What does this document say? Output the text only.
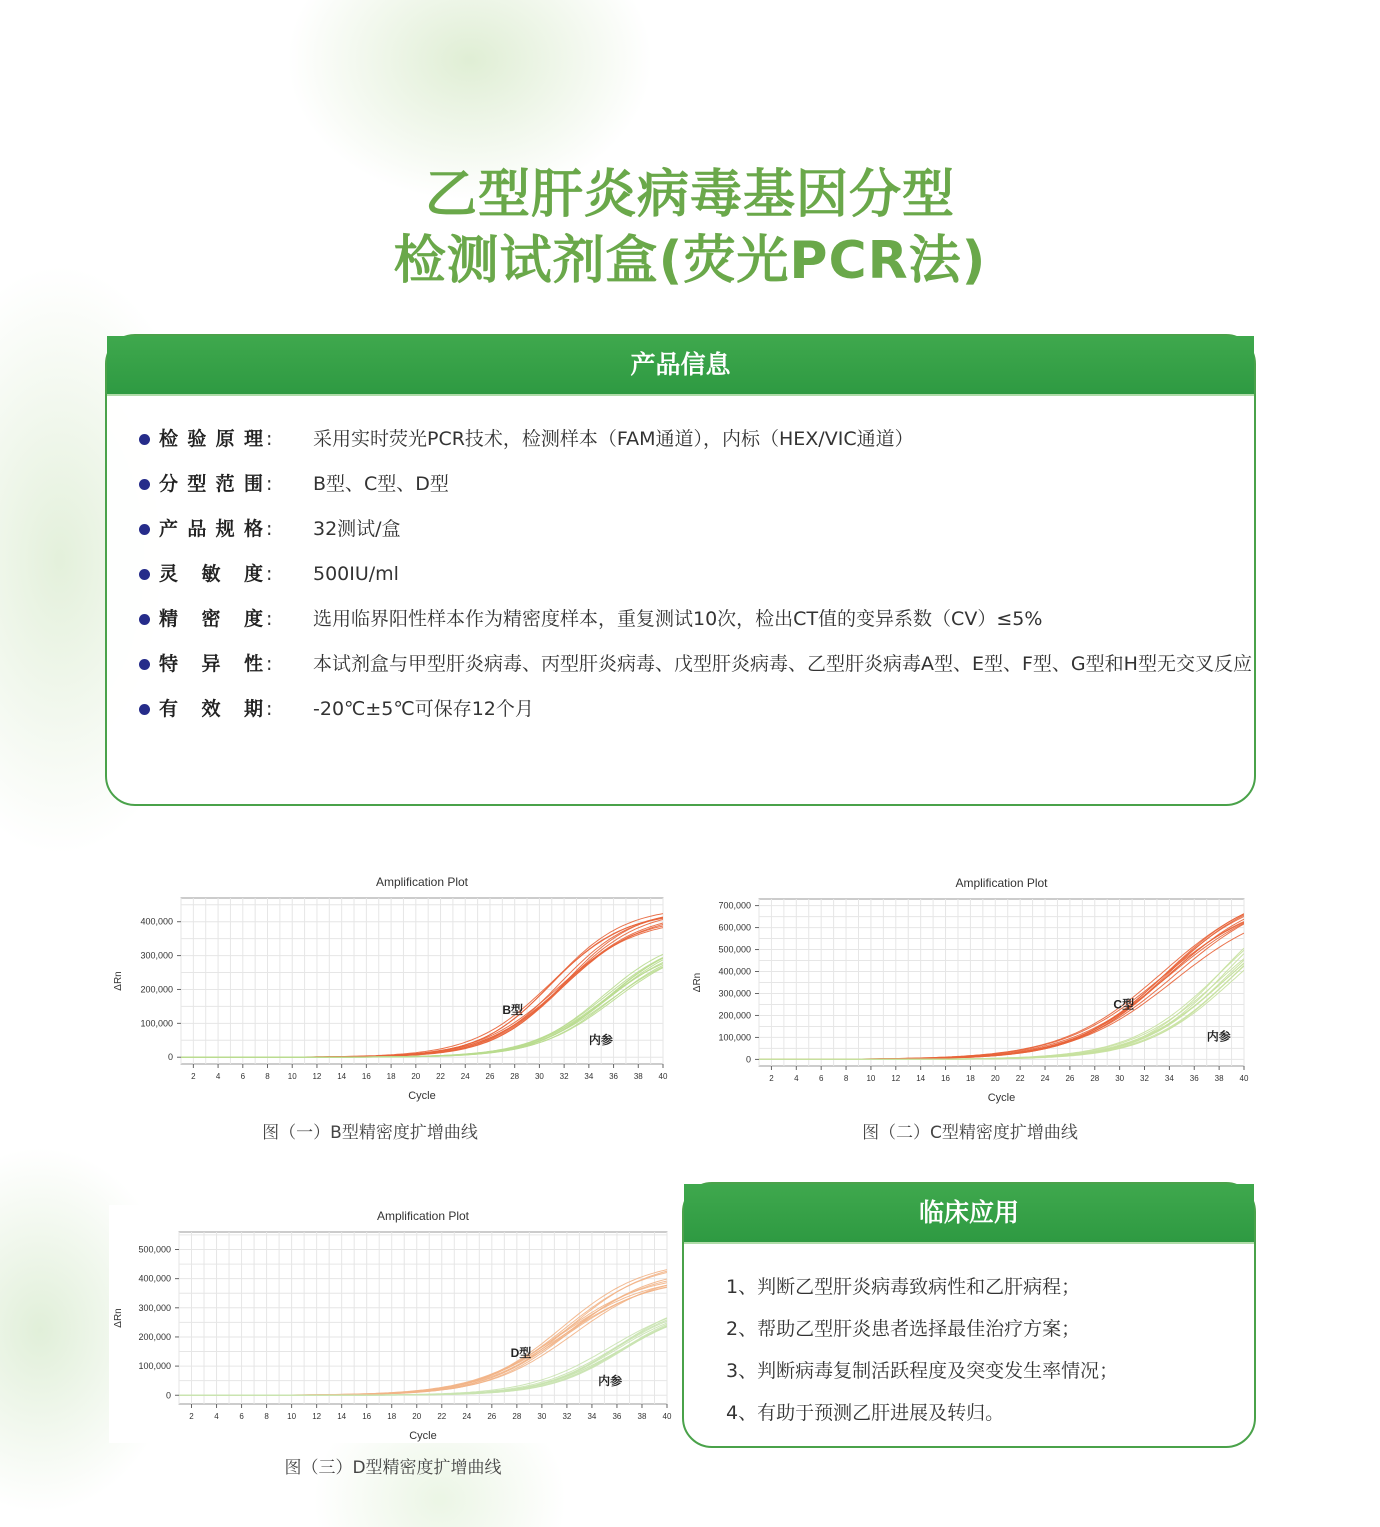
乙型肝炎病毒基因分型
检测试剂盒(荧光PCR法)
产品信息
检验原理 : 采用实时荧光PCR技术，检测样本（FAM通道），内标（HEX/VIC通道）
分型范围 : B型、C型、D型
产品规格 : 32测试/盒
灵敏度 : 500IU/ml
精密度 : 选用临界阳性样本作为精密度样本，重复测试10次，检出CT值的变异系数（CV）≤5%
特异性 : 本试剂盒与甲型肝炎病毒、丙型肝炎病毒、戊型肝炎病毒、乙型肝炎病毒A型、E型、F型、G型和H型无交叉反应
有效期 : -20℃±5℃可保存12个月
Amplification Plot
2	4	6	8 10 12 14 16 18 20 22 24 26 28 30 32 34 36 38 40
0
100,000
200,000
300,000
400,000
Cycle
ΔRn
B型
内参
图（一）B型精密度扩增曲线
Amplification Plot
2	4	6	8 10 12 14 16 18 20 22 24 26 28 30 32 34 36 38 40
0
100,000
200,000
300,000
400,000
500,000
600,000
700,000
Cycle
ΔRn
C型
内参
图（二）C型精密度扩增曲线
Amplification Plot
2	4	6	8 10 12 14 16 18 20 22 24 26 28 30 32 34 36 38 40
0
100,000
200,000
300,000
400,000
500,000
Cycle
ΔRn
D型
内参
图（三）D型精密度扩增曲线
临床应用
1、判断乙型肝炎病毒致病性和乙肝病程；
2、帮助乙型肝炎患者选择最佳治疗方案；
3、判断病毒复制活跃程度及突变发生率情况；
4、有助于预测乙肝进展及转归。
